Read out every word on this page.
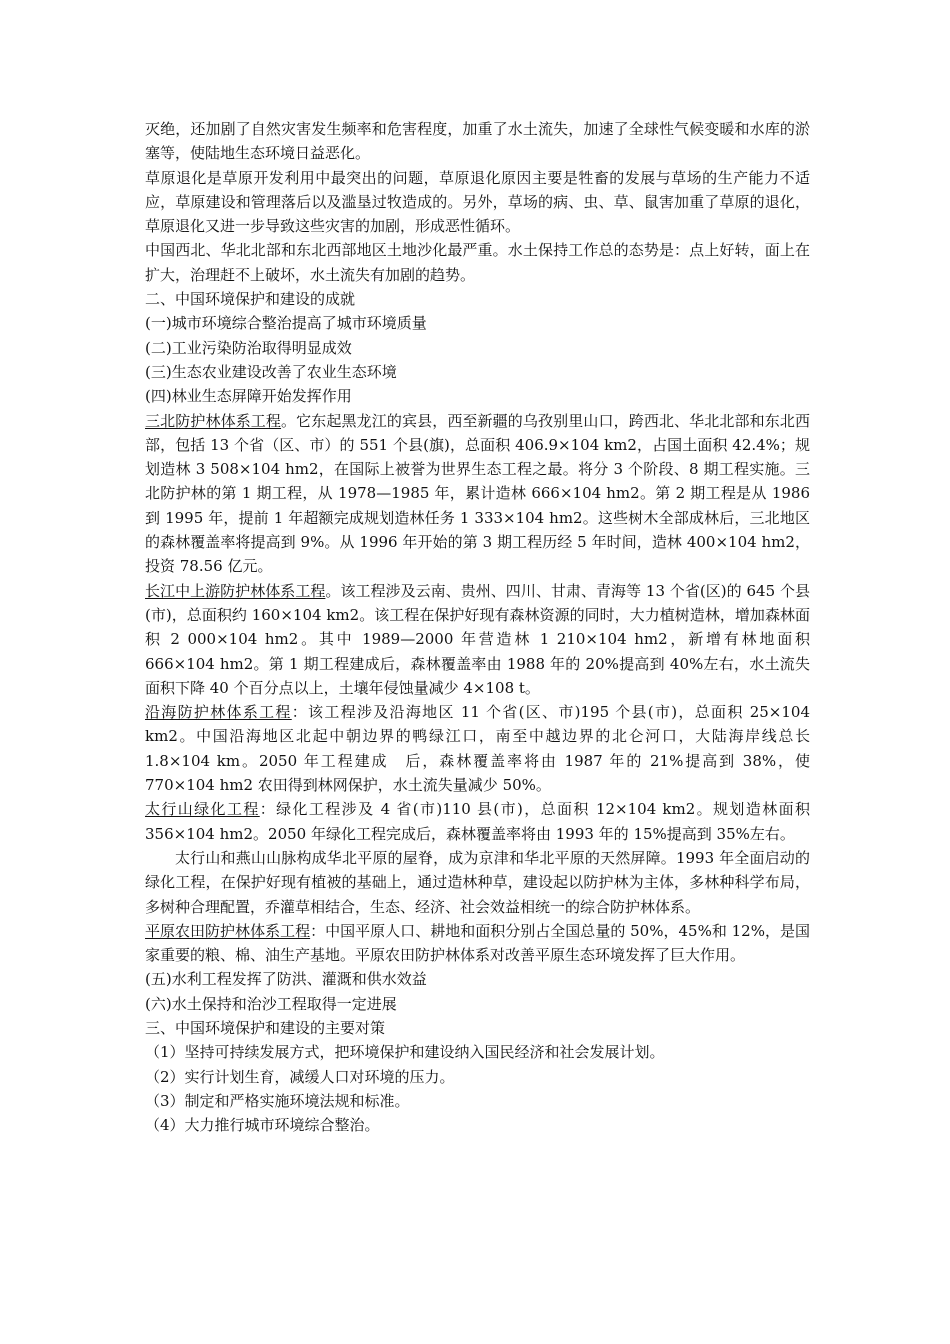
灭绝，还加剧了自然灾害发生频率和危害程度，加重了水土流失，加速了全球性气候变暖和水库的淤塞等，使陆地生态环境日益恶化。

草原退化是草原开发利用中最突出的问题，草原退化原因主要是牲畜的发展与草场的生产能力不适应，草原建设和管理落后以及滥垦过牧造成的。另外，草场的病、虫、草、鼠害加重了草原的退化，草原退化又进一步导致这些灾害的加剧，形成恶性循环。

中国西北、华北北部和东北西部地区土地沙化最严重。水土保持工作总的态势是：点上好转，面上在扩大，治理赶不上破坏，水土流失有加剧的趋势。

二、中国环境保护和建设的成就

(一)城市环境综合整治提高了城市环境质量

(二)工业污染防治取得明显成效

(三)生态农业建设改善了农业生态环境

(四)林业生态屏障开始发挥作用

三北防护林体系工程。它东起黑龙江的宾县，西至新疆的乌孜别里山口，跨西北、华北北部和东北西部，包括 13 个省（区、市）的 551 个县(旗)，总面积 406.9×104 km2，占国土面积 42.4%；规划造林 3 508×104 hm2，在国际上被誉为世界生态工程之最。将分 3 个阶段、8 期工程实施。三北防护林的第 1 期工程，从 1978—1985 年，累计造林 666×104 hm2。第 2 期工程是从 1986 到 1995 年，提前 1 年超额完成规划造林任务 1 333×104 hm2。这些树木全部成林后，三北地区的森林覆盖率将提高到 9%。从 1996 年开始的第 3 期工程历经 5 年时间，造林 400×104 hm2，投资 78.56 亿元。

长江中上游防护林体系工程。该工程涉及云南、贵州、四川、甘肃、青海等 13 个省(区)的 645 个县(市)，总面积约 160×104 km2。该工程在保护好现有森林资源的同时，大力植树造林，增加森林面积 2 000×104 hm2。其中 1989—2000 年营造林 1 210×104 hm2，新增有林地面积 666×104 hm2。第 1 期工程建成后，森林覆盖率由 1988 年的 20%提高到 40%左右，水土流失面积下降 40 个百分点以上，土壤年侵蚀量减少 4×108 t。

沿海防护林体系工程：该工程涉及沿海地区 11 个省(区、市)195 个县(市)，总面积 25×104 km2。中国沿海地区北起中朝边界的鸭绿江口，南至中越边界的北仑河口，大陆海岸线总长 1.8×104 km。2050 年工程建成　后，森林覆盖率将由 1987 年的 21%提高到 38%，使 770×104 hm2 农田得到林网保护，水土流失量减少 50%。

太行山绿化工程：绿化工程涉及 4 省(市)110 县(市)，总面积 12×104 km2。规划造林面积 356×104 hm2。2050 年绿化工程完成后，森林覆盖率将由 1993 年的 15%提高到 35%左右。

太行山和燕山山脉构成华北平原的屋脊，成为京津和华北平原的天然屏障。1993 年全面启动的绿化工程，在保护好现有植被的基础上，通过造林种草，建设起以防护林为主体，多林种科学布局，多树种合理配置，乔灌草相结合，生态、经济、社会效益相统一的综合防护林体系。

平原农田防护林体系工程：中国平原人口、耕地和面积分别占全国总量的 50%，45%和 12%，是国家重要的粮、棉、油生产基地。平原农田防护林体系对改善平原生态环境发挥了巨大作用。

(五)水利工程发挥了防洪、灌溉和供水效益

(六)水土保持和治沙工程取得一定进展

三、中国环境保护和建设的主要对策

（1）坚持可持续发展方式，把环境保护和建设纳入国民经济和社会发展计划。

（2）实行计划生育，减缓人口对环境的压力。

（3）制定和严格实施环境法规和标准。

（4）大力推行城市环境综合整治。
